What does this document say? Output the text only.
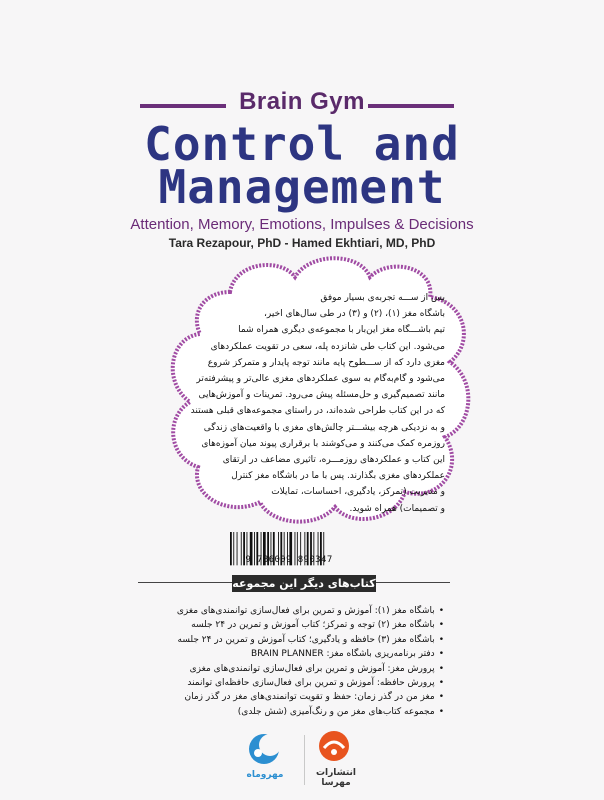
Brain Gym
Control and
Management
Attention, Memory, Emotions, Impulses & Decisions
Tara Rezapour, PhD - Hamed Ekhtiari, MD, PhD
پس از ســـه تجربه‌ی بسیار موفق
باشگاه مغز (۱)، (۲) و (۳) در طی سال‌های اخیر،
تیم باشـــگاه مغز این‌بار با مجموعه‌ی دیگری همراه شما
می‌شود. این کتاب طی شانزده پله، سعی در تقویت عملکردهای
مغزی دارد که از ســـطوح پایه مانند توجه پایدار و متمرکز شروع
می‌شود و گام‌به‌گام به سوی عملکردهای مغزی عالی‌تر و پیشرفته‌تر
مانند تصمیم‌گیری و حل‌مسئله پیش می‌رود. تمرینات و آموزش‌هایی
که در این کتاب طراحی شده‌اند، در راستای مجموعه‌های قبلی هستند
و به نزدیکی هرچه بیشـــتر چالش‌های مغزی با واقعیت‌های زندگی
روزمره کمک می‌کنند و می‌کوشند با برقراری پیوند میان آموزه‌های
این کتاب و عملکردهای روزمـــره، تاثیری مضاعف در ارتقای
عملکردهای مغزی بگذارند. پس با ما در باشگاه مغز کنترل
و مدیریت (تمرکز، یادگیری، احساسات، تمایلات
و تصمیمات) همراه شوید.
9 786009 890347
کتاب‌های دیگر این مجموعه
• باشگاه مغز (۱): آموزش و تمرین برای فعال‌سازی توانمندی‌های مغزی
• باشگاه مغز (۲) توجه و تمرکز؛ کتاب آموزش و تمرین در ۲۴ جلسه
• باشگاه مغز (۳) حافظه و یادگیری؛ کتاب آموزش و تمرین در ۲۴ جلسه
• دفتر برنامه‌ریزی باشگاه مغز: BRAIN PLANNER
• پرورش مغز: آموزش و تمرین برای فعال‌سازی توانمندی‌های مغزی
• پرورش حافظه: آموزش و تمرین برای فعال‌سازی حافظه‌ای توانمند
• مغز من در گذر زمان: حفظ و تقویت توانمندی‌های مغز در گذر زمان
• مجموعه کتاب‌های مغز من و رنگ‌آمیزی (شش جلدی)
مهروماه	انتشارات مهرسا
